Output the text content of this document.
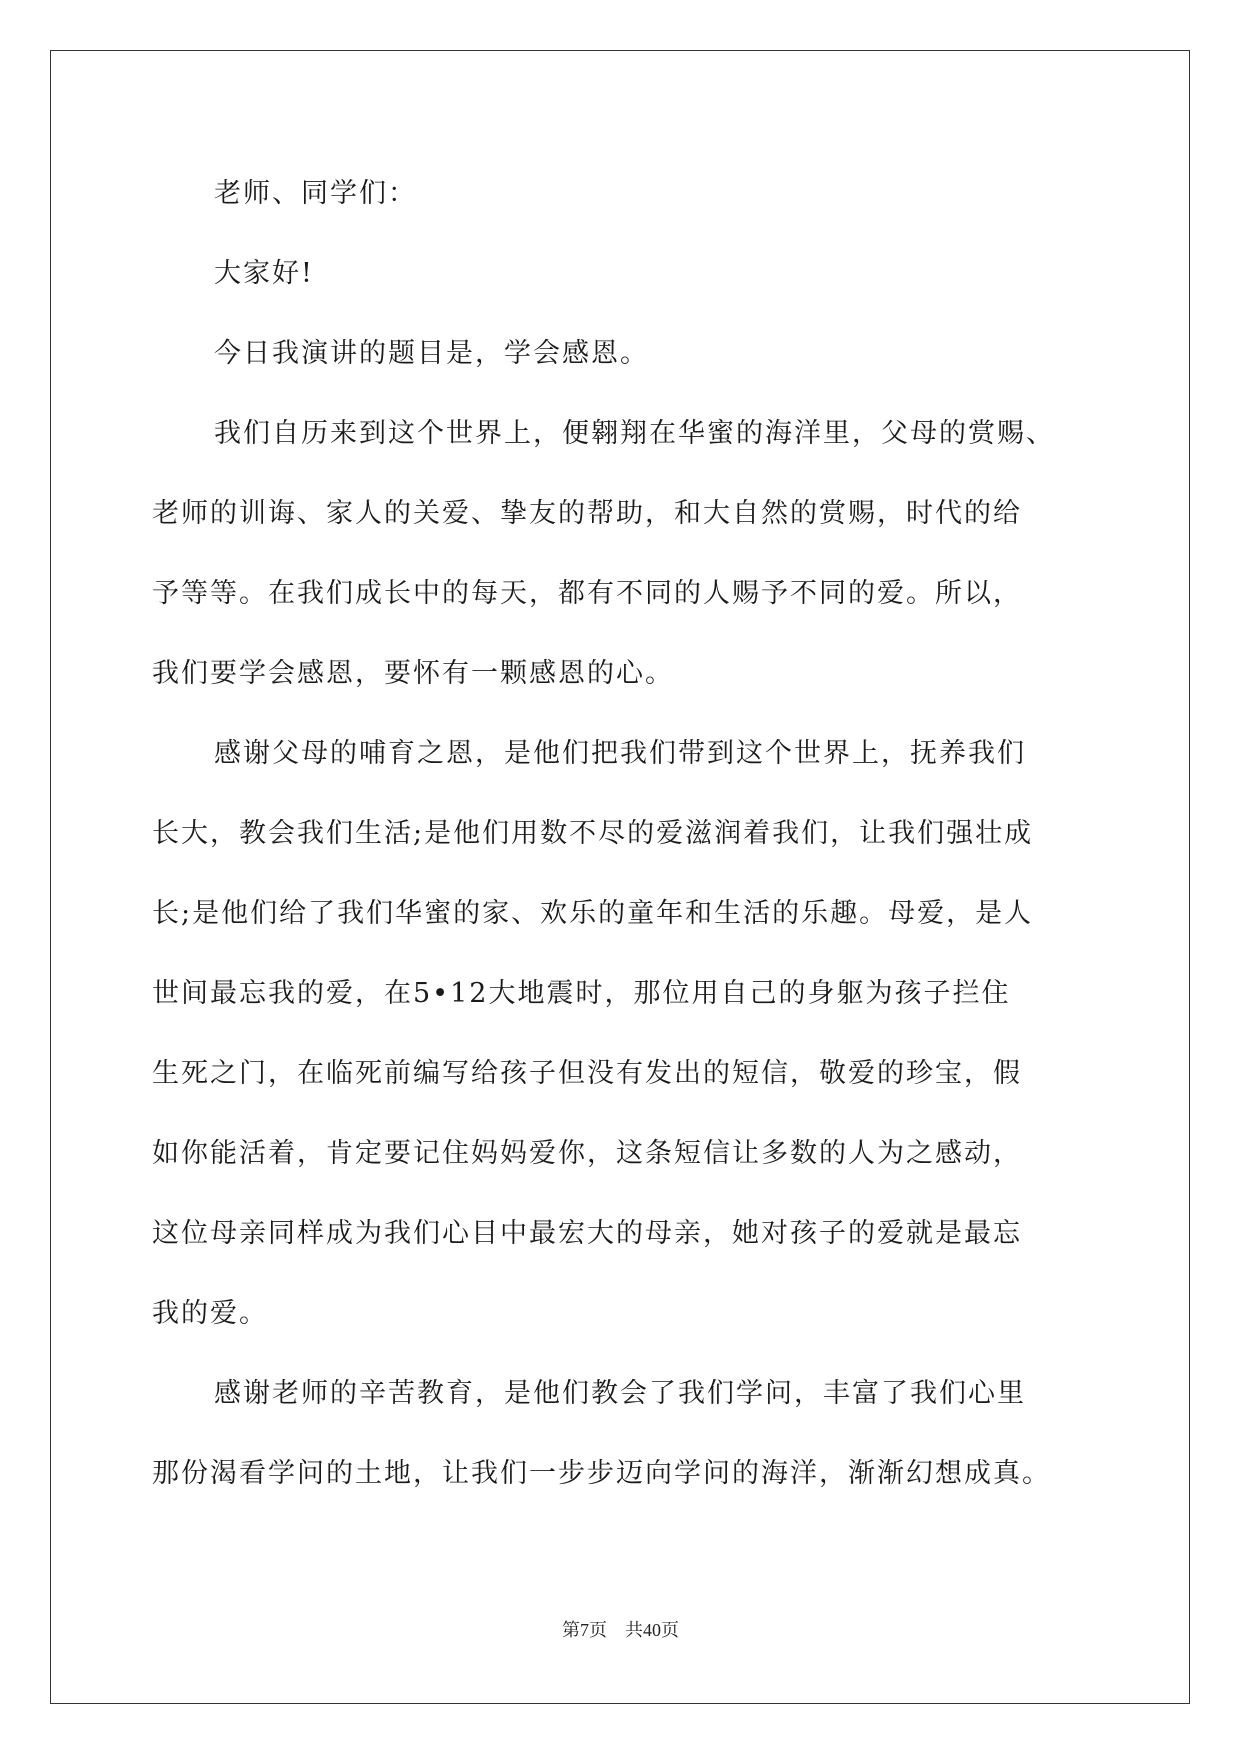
老师、同学们：
大家好!
今日我演讲的题目是，学会感恩。
我们自历来到这个世界上，便翱翔在华蜜的海洋里，父母的赏赐、
老师的训诲、家人的关爱、挚友的帮助，和大自然的赏赐，时代的给
予等等。在我们成长中的每天，都有不同的人赐予不同的爱。所以，
我们要学会感恩，要怀有一颗感恩的心。
感谢父母的哺育之恩，是他们把我们带到这个世界上，抚养我们
长大，教会我们生活;是他们用数不尽的爱滋润着我们，让我们强壮成
长;是他们给了我们华蜜的家、欢乐的童年和生活的乐趣。母爱，是人
世间最忘我的爱，在5•12大地震时，那位用自己的身躯为孩子拦住
生死之门，在临死前编写给孩子但没有发出的短信，敬爱的珍宝，假
如你能活着，肯定要记住妈妈爱你，这条短信让多数的人为之感动，
这位母亲同样成为我们心目中最宏大的母亲，她对孩子的爱就是最忘
我的爱。
感谢老师的辛苦教育，是他们教会了我们学问，丰富了我们心里
那份渴看学问的土地，让我们一步步迈向学问的海洋，渐渐幻想成真。
第7页　共40页
